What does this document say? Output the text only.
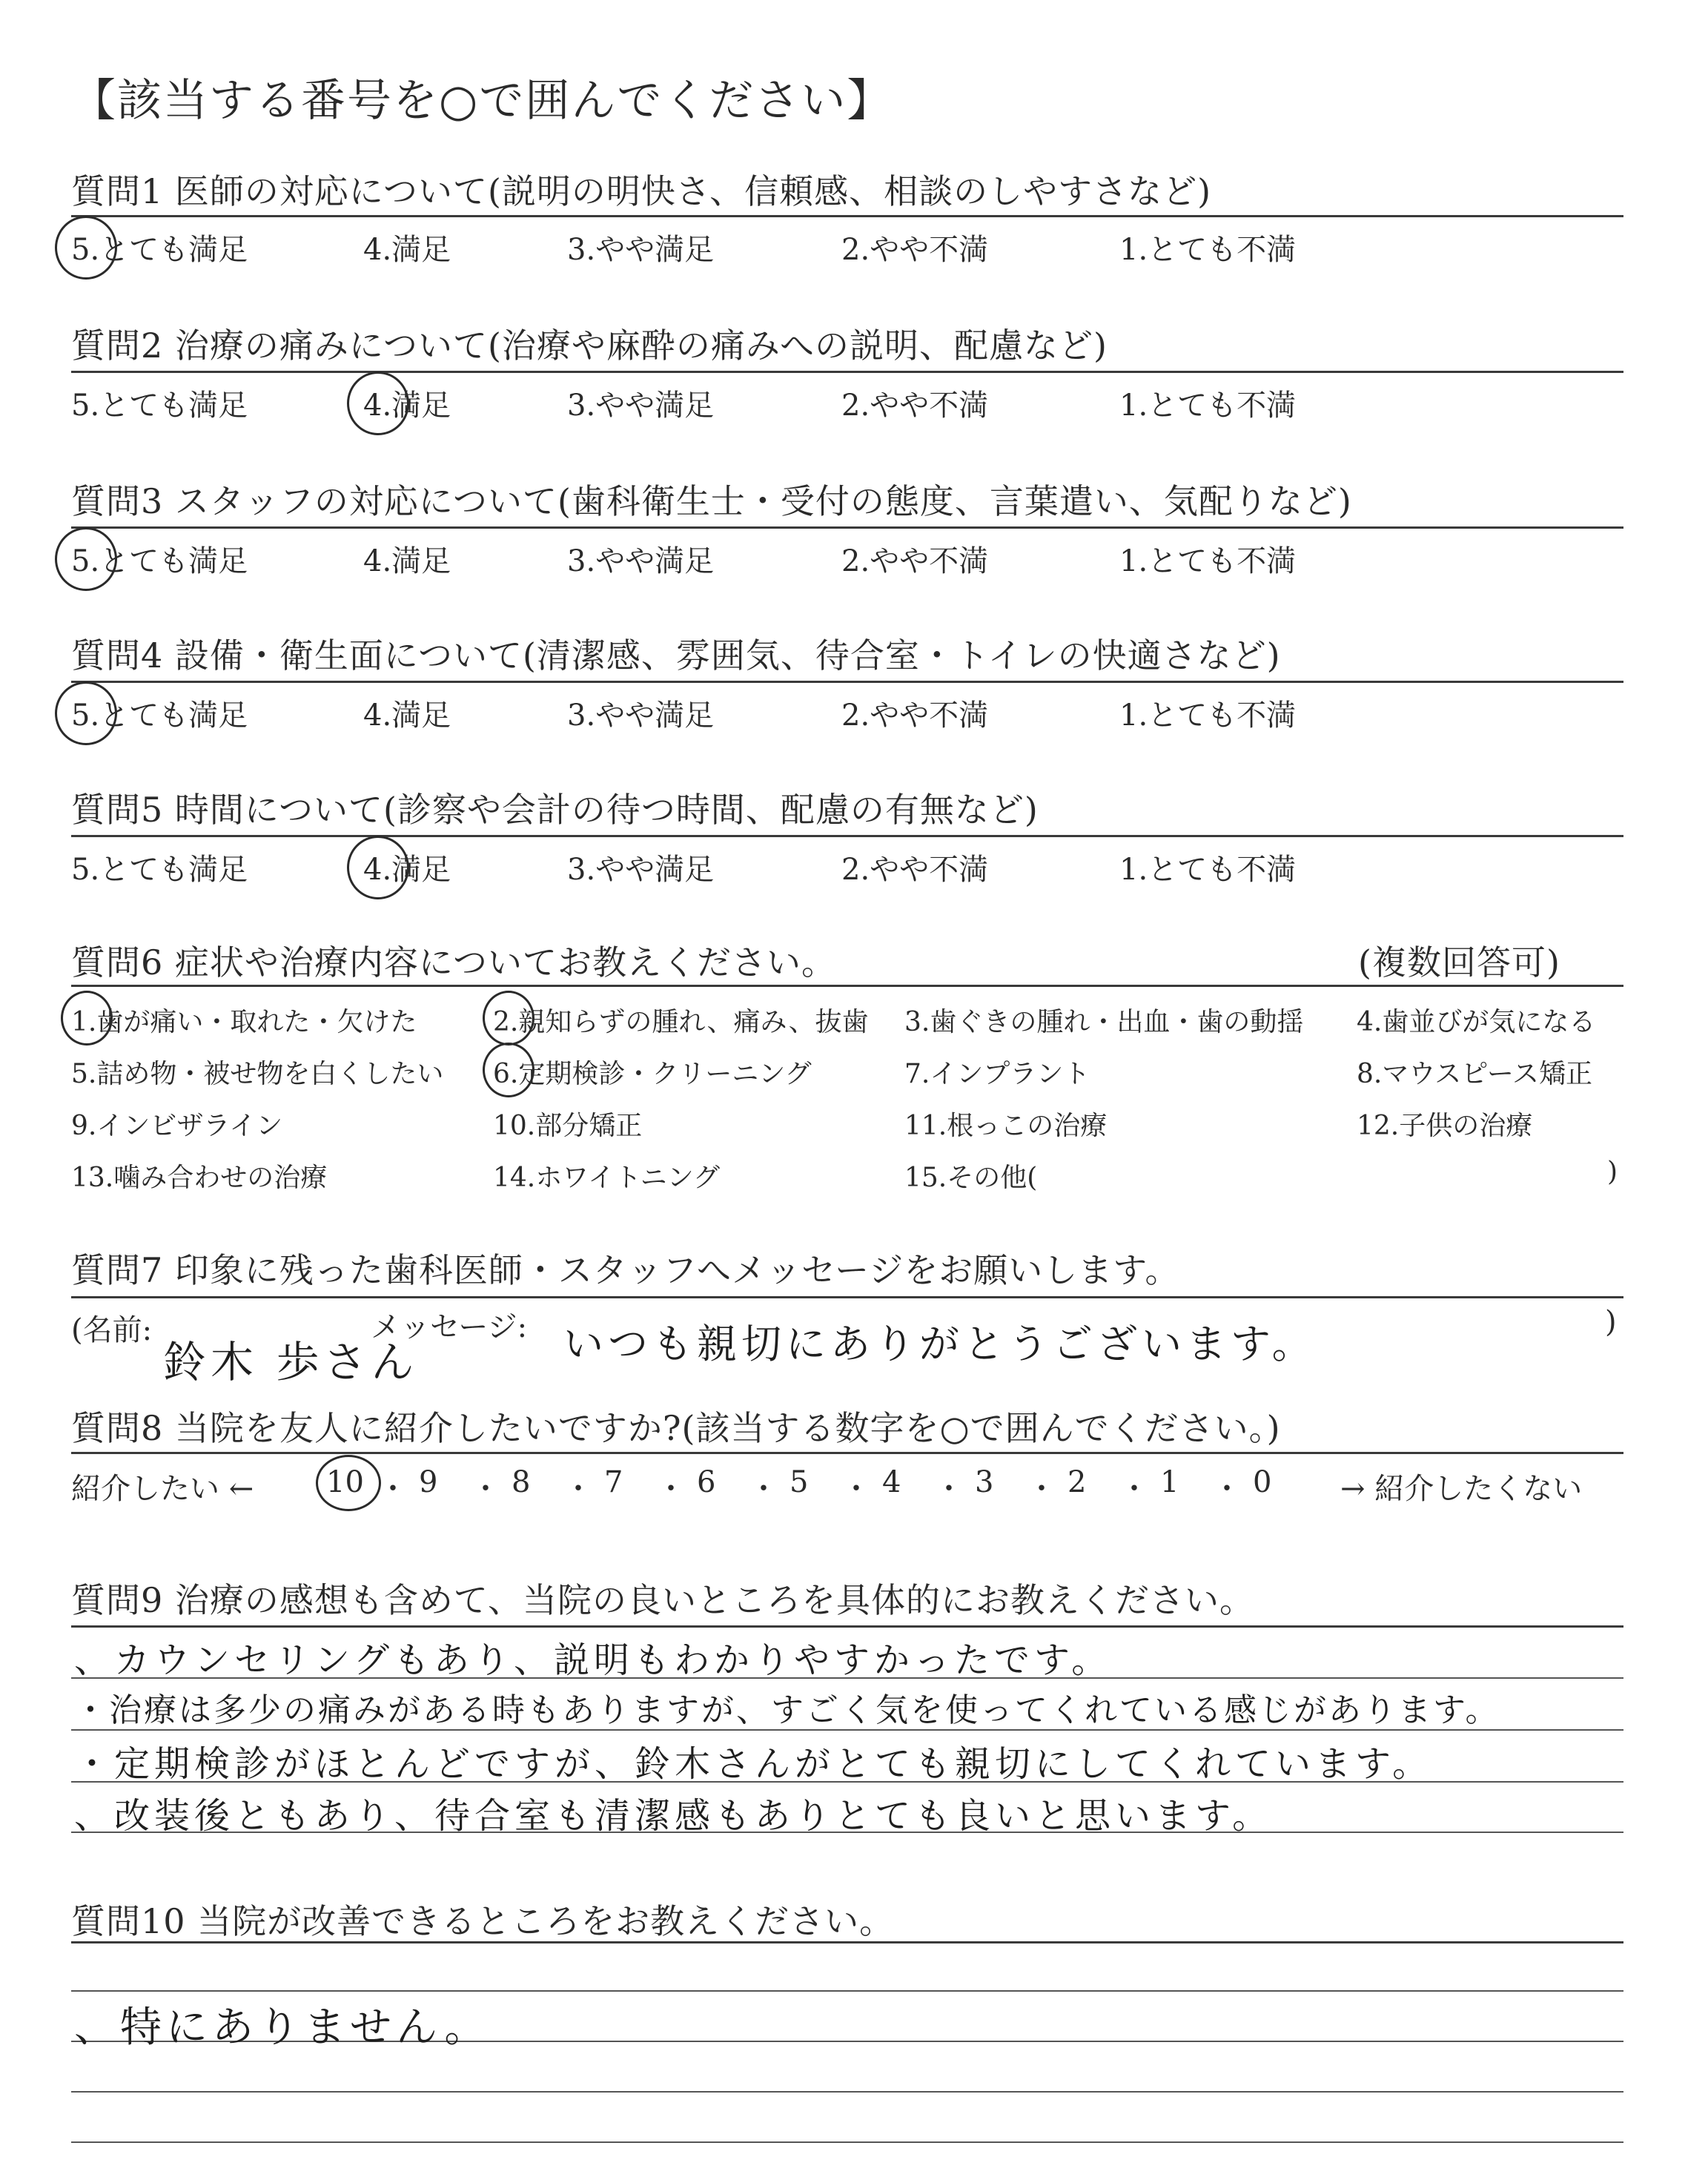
【該当する番号を○で囲んでください】
質問1 医師の対応について(説明の明快さ、信頼感、相談のしやすさなど)
5.とても満足	4.満足	3.やや満足	2.やや不満	1.とても不満
質問2 治療の痛みについて(治療や麻酔の痛みへの説明、配慮など)
5.とても満足	4.満足	3.やや満足	2.やや不満	1.とても不満
質問3 スタッフの対応について(歯科衛生士・受付の態度、言葉遣い、気配りなど)
5.とても満足	4.満足	3.やや満足	2.やや不満	1.とても不満
質問4 設備・衛生面について(清潔感、雰囲気、待合室・トイレの快適さなど)
5.とても満足	4.満足	3.やや満足	2.やや不満	1.とても不満
質問5 時間について(診察や会計の待つ時間、配慮の有無など)
5.とても満足	4.満足	3.やや満足	2.やや不満	1.とても不満
質問6 症状や治療内容についてお教えください。	(複数回答可)
1.歯が痛い・取れた・欠けた	2.親知らずの腫れ、痛み、抜歯 3.歯ぐきの腫れ・出血・歯の動揺 4.歯並びが気になる
5.詰め物・被せ物を白くしたい 6.定期検診・クリーニング	7.インプラント	8.マウスピース矯正
9.インビザライン	10.部分矯正	11.根っこの治療	12.子供の治療
13.噛み合わせの治療	14.ホワイトニング	15.その他(	)
質問7 印象に残った歯科医師・スタッフへメッセージをお願いします。
(名前:
鈴木 歩さん
メッセージ: いつも親切にありがとうございます。	)
質問8 当院を友人に紹介したいですか?(該当する数字を○で囲んでください。)
紹介したい ← 10 ・ 9 ・ 8 ・ 7 ・ 6 ・ 5 ・ 4 ・ 3 ・ 2 ・ 1 ・ 0 → 紹介したくない
質問9 治療の感想も含めて、当院の良いところを具体的にお教えください。
、カウンセリングもあり、説明もわかりやすかったです。
・治療は多少の痛みがある時もありますが、すごく気を使ってくれている感じがあります。
・定期検診がほとんどですが、鈴木さんがとても親切にしてくれています。
、改装後ともあり、待合室も清潔感もありとても良いと思います。
質問10 当院が改善できるところをお教えください。
、特にありません。
